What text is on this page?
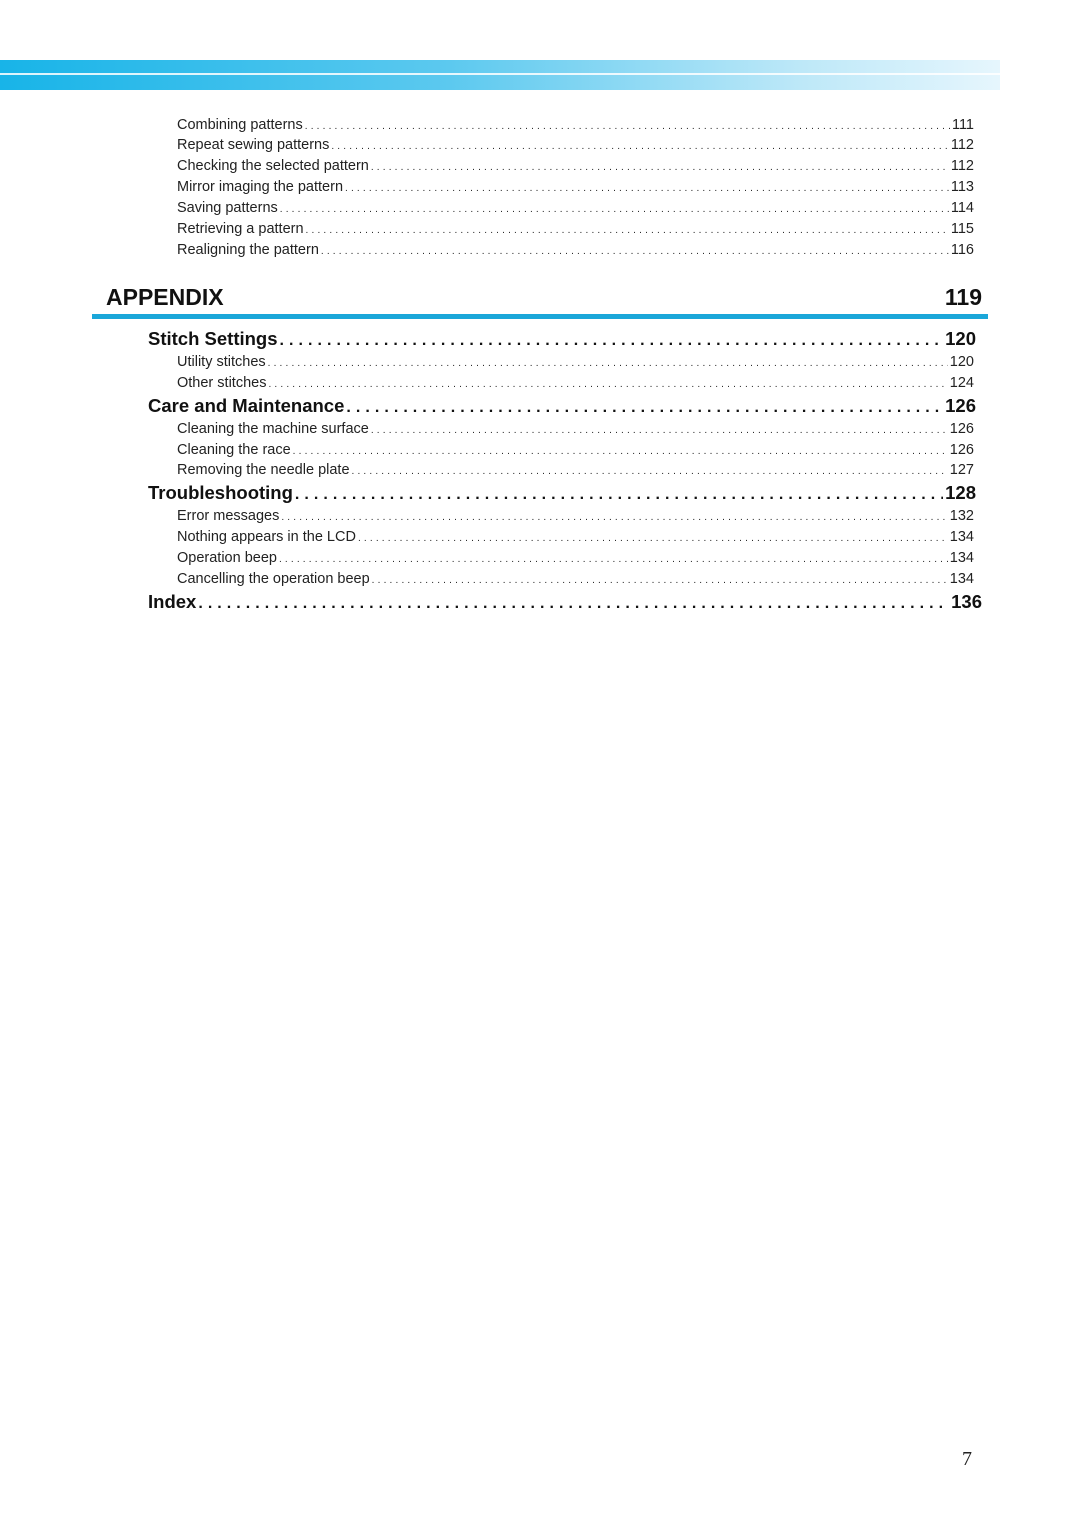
Combining patterns . . .	111
Repeat sewing patterns . . .	112
Checking the selected pattern . . .	112
Mirror imaging the pattern . . .	113
Saving patterns . . .	114
Retrieving a pattern . . .	115
Realigning the pattern . . .	116
APPENDIX	119
Stitch Settings . . .	120
Utility stitches . . .	120
Other stitches . . .	124
Care and Maintenance . . .	126
Cleaning the machine surface . . .	126
Cleaning the race . . .	126
Removing the needle plate . . .	127
Troubleshooting . . .	128
Error messages . . .	132
Nothing appears in the LCD . . .	134
Operation beep . . .	134
Cancelling the operation beep . . .	134
Index . . .	136
7
